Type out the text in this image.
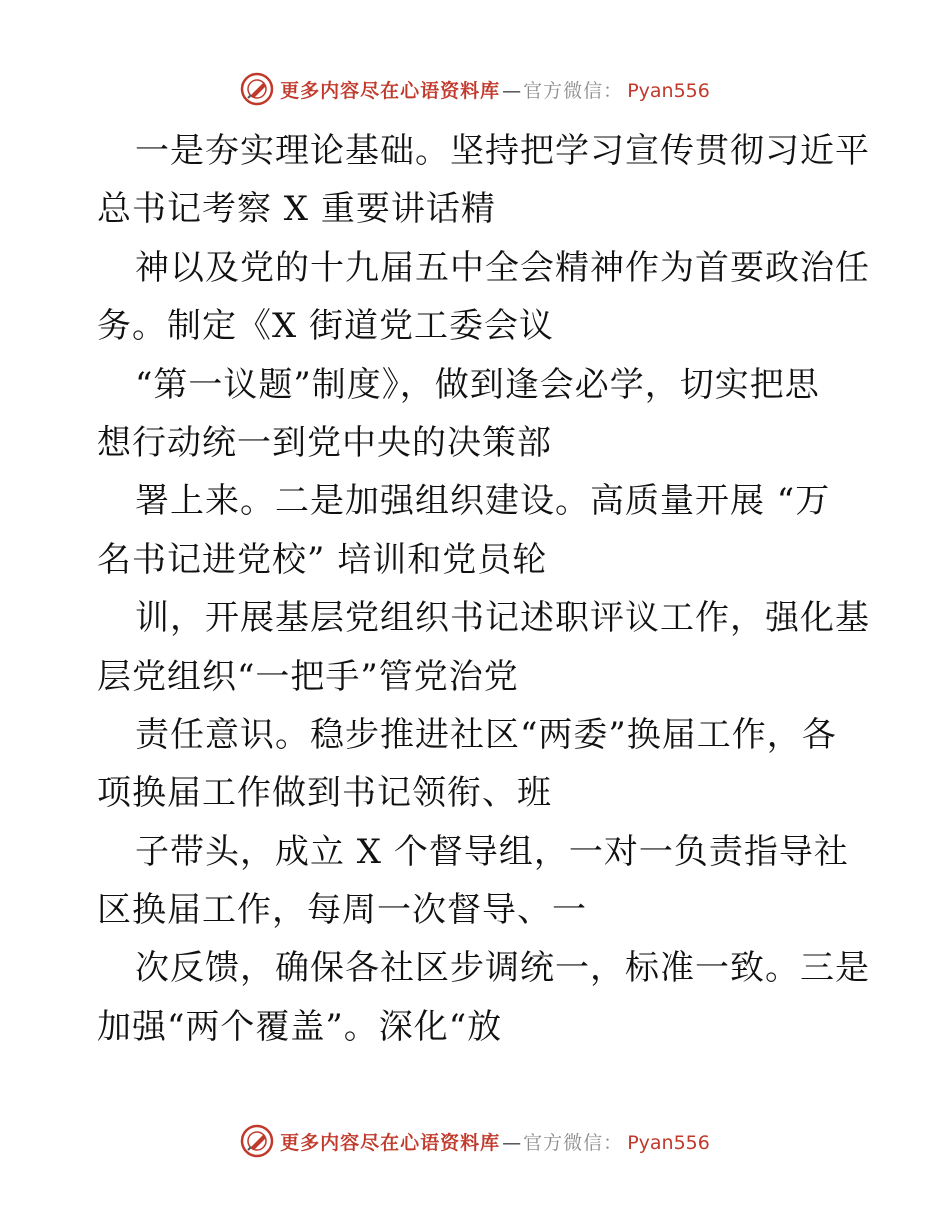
更多内容尽在心语资料库 — 官方微信： Pyan556
一是夯实理论基础。坚持把学习宣传贯彻习近平
总书记考察 X 重要讲话精
神以及党的十九届五中全会精神作为首要政治任
务。制定《X 街道党工委会议
“第一议题”制度》，做到逢会必学，切实把思
想行动统一到党中央的决策部
署上来。二是加强组织建设。高质量开展 “万
名书记进党校” 培训和党员轮
训，开展基层党组织书记述职评议工作，强化基
层党组织“一把手”管党治党
责任意识。稳步推进社区“两委”换届工作，各
项换届工作做到书记领衔、班
子带头，成立 X 个督导组，一对一负责指导社
区换届工作，每周一次督导、一
次反馈，确保各社区步调统一，标准一致。三是
加强“两个覆盖”。深化“放
更多内容尽在心语资料库 — 官方微信： Pyan556
